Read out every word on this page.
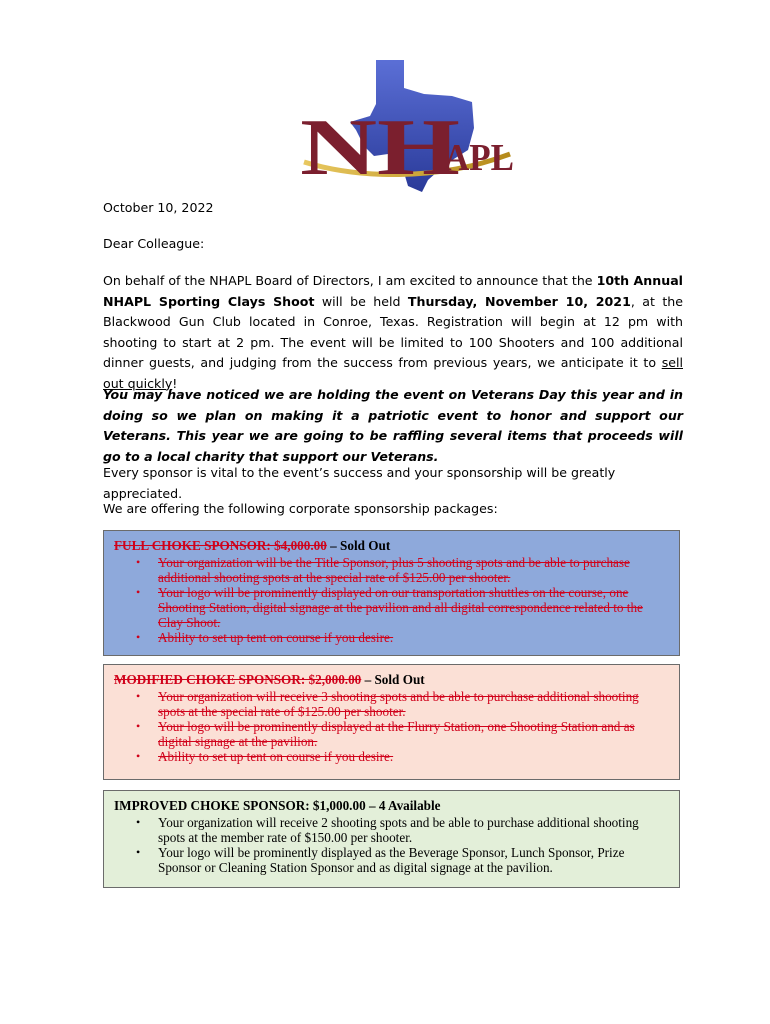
NH
APL

October 10, 2022

Dear Colleague:

On behalf of the NHAPL Board of Directors, I am excited to announce that the 10th Annual NHAPL Sporting Clays Shoot will be held Thursday, November 10, 2021, at the Blackwood Gun Club located in Conroe, Texas. Registration will begin at 12 pm with shooting to start at 2 pm. The event will be limited to 100 Shooters and 100 additional dinner guests, and judging from the success from previous years, we anticipate it to sell out quickly!

You may have noticed we are holding the event on Veterans Day this year and in doing so we plan on making it a patriotic event to honor and support our Veterans. This year we are going to be raffling several items that proceeds will go to a local charity that support our Veterans.

Every sponsor is vital to the event’s success and your sponsorship will be greatly appreciated.

We are offering the following corporate sponsorship packages:

FULL CHOKE SPONSOR: $4,000.00 – Sold Out

• Your organization will be the Title Sponsor, plus 5 shooting spots and be able to purchase additional shooting spots at the special rate of $125.00 per shooter.
• Your logo will be prominently displayed on our transportation shuttles on the course, one Shooting Station, digital signage at the pavilion and all digital correspondence related to the Clay Shoot.
• Ability to set up tent on course if you desire.

MODIFIED CHOKE SPONSOR: $2,000.00 – Sold Out

• Your organization will receive 3 shooting spots and be able to purchase additional shooting spots at the special rate of $125.00 per shooter.
• Your logo will be prominently displayed at the Flurry Station, one Shooting Station and as digital signage at the pavilion.
• Ability to set up tent on course if you desire.

IMPROVED CHOKE SPONSOR: $1,000.00 – 4 Available

• Your organization will receive 2 shooting spots and be able to purchase additional shooting spots at the member rate of $150.00 per shooter.
• Your logo will be prominently displayed as the Beverage Sponsor, Lunch Sponsor, Prize Sponsor or Cleaning Station Sponsor and as digital signage at the pavilion.
